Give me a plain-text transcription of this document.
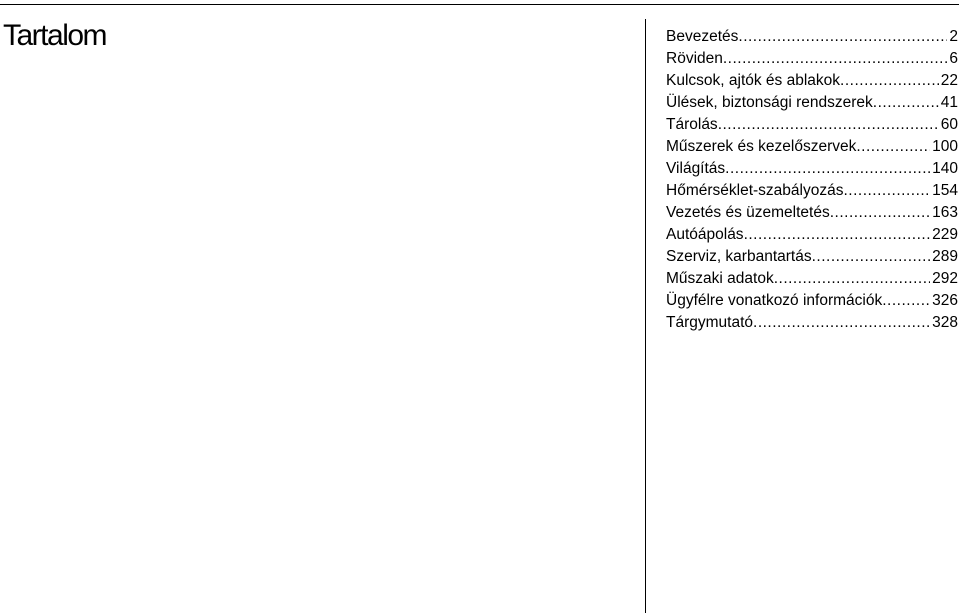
Tartalom	Bevezetés .....	2
Röviden .....	6
Kulcsok, ajtók és ablakok .....	22
Ülések, biztonsági rendszerek .....	41
Tárolás .....	60
Műszerek és kezelőszervek .....	100
Világítás .....	140
Hőmérséklet-szabályozás .....	154
Vezetés és üzemeltetés .....	163
Autóápolás .....	229
Szerviz, karbantartás .....	289
Műszaki adatok .....	292
Ügyfélre vonatkozó információk .....	326
Tárgymutató .....	328
